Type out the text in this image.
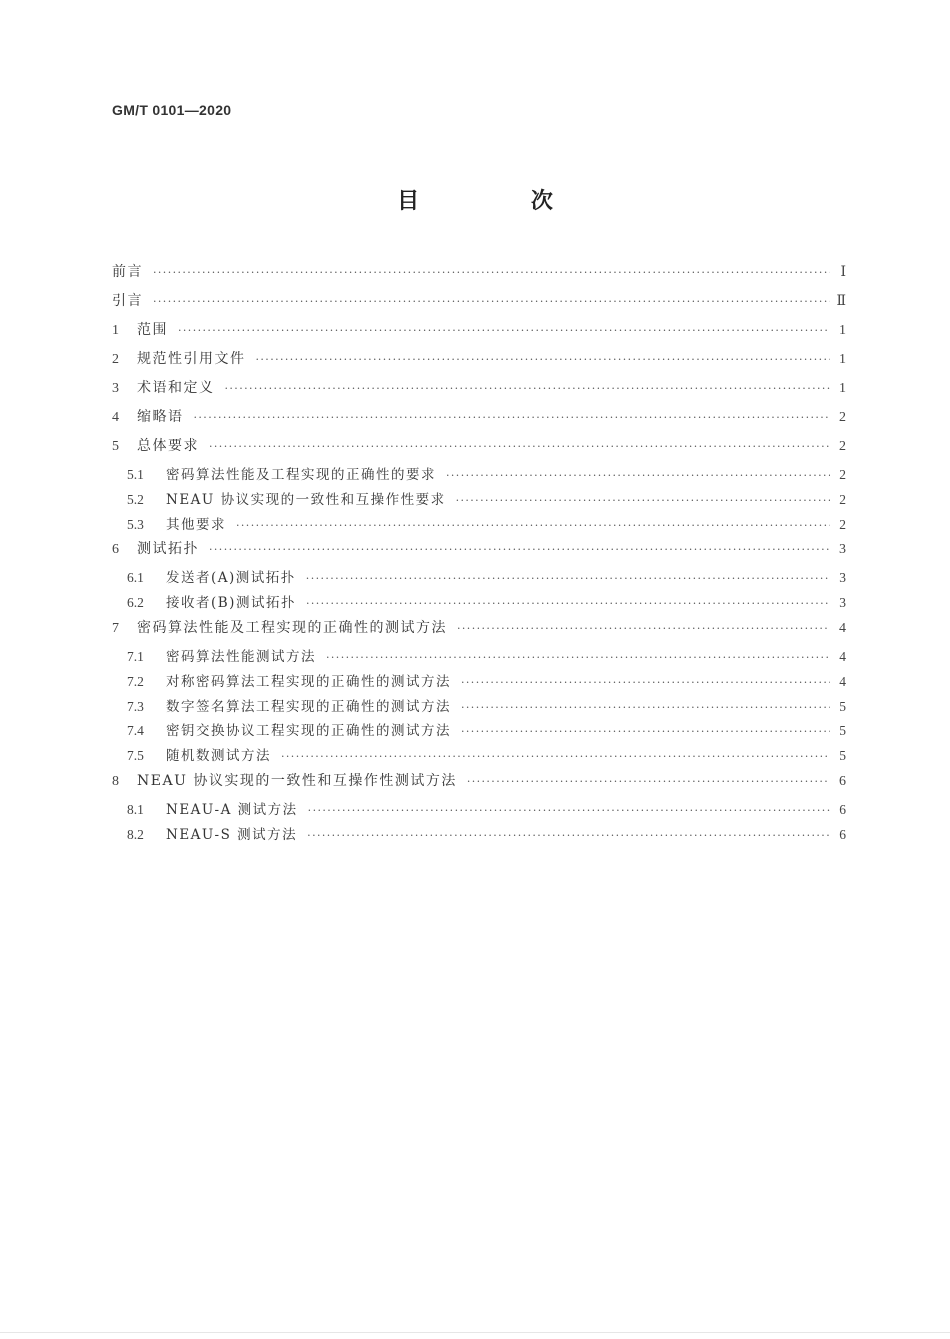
GM/T 0101—2020
目 次
前言 ·····	Ⅰ
引言 ·····	Ⅱ
1	范围 ·····	1
2	规范性引用文件 ·····	1
3	术语和定义 ·····	1
4	缩略语 ·····	2
5	总体要求 ·····	2
5.1	密码算法性能及工程实现的正确性的要求 ·····	2
5.2	NEAU 协议实现的一致性和互操作性要求 ·····	2
5.3	其他要求 ·····	2
6	测试拓扑 ·····	3
6.1	发送者(A)测试拓扑 ·····	3
6.2	接收者(B)测试拓扑 ·····	3
7	密码算法性能及工程实现的正确性的测试方法 ·····	4
7.1	密码算法性能测试方法 ·····	4
7.2	对称密码算法工程实现的正确性的测试方法 ·····	4
7.3	数字签名算法工程实现的正确性的测试方法 ·····	5
7.4	密钥交换协议工程实现的正确性的测试方法 ·····	5
7.5	随机数测试方法 ·····	5
8	NEAU 协议实现的一致性和互操作性测试方法 ·····	6
8.1	NEAU-A 测试方法 ·····	6
8.2	NEAU-S 测试方法 ·····	6
